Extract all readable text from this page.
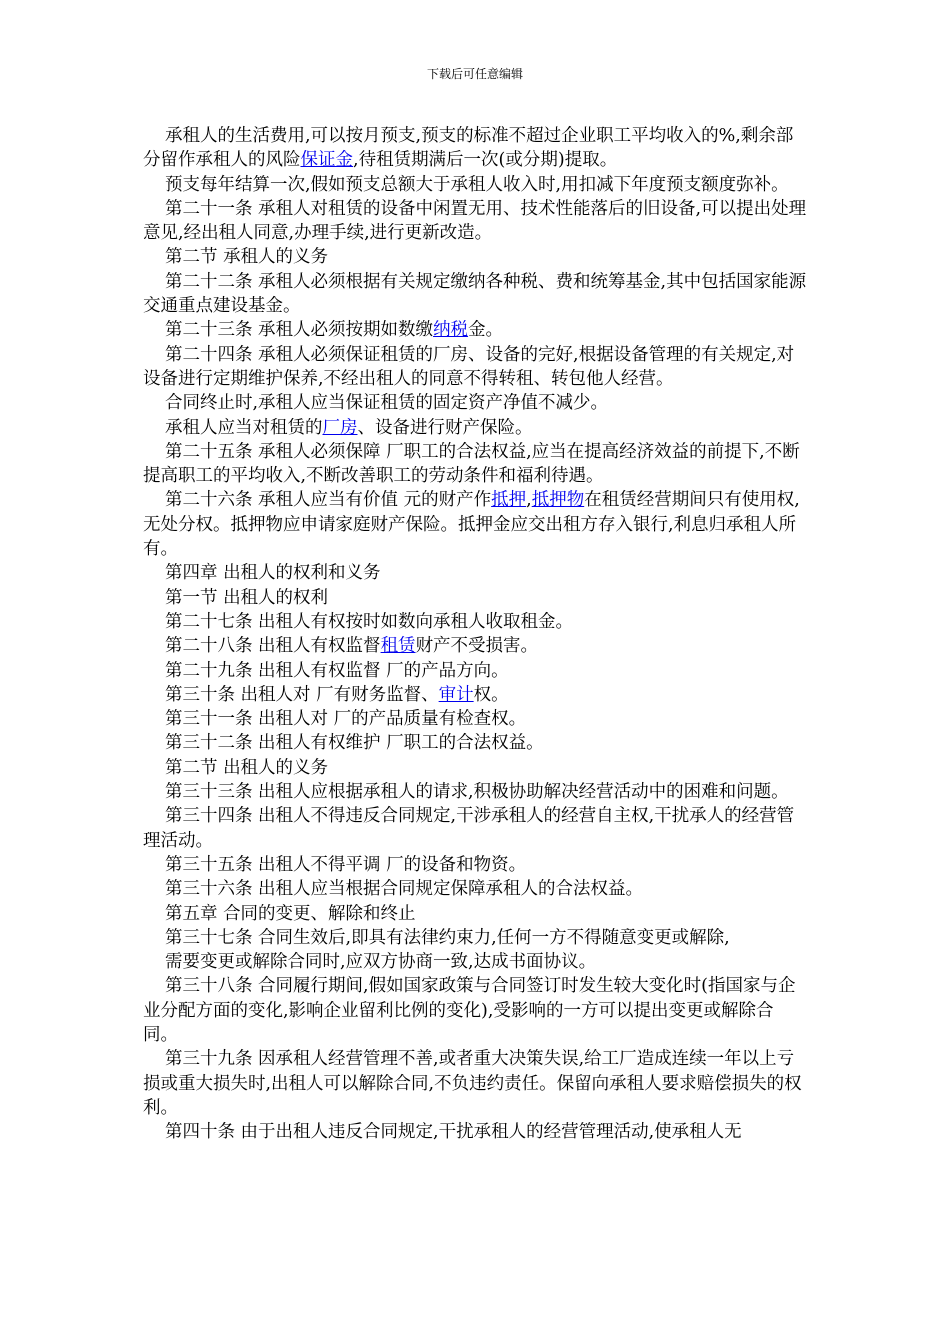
下载后可任意编辑

承租人的生活费用,可以按月预支,预支的标准不超过企业职工平均收入的%,剩余部分留作承租人的风险保证金,待租赁期满后一次(或分期)提取。

预支每年结算一次,假如预支总额大于承租人收入时,用扣减下年度预支额度弥补。

第二十一条 承租人对租赁的设备中闲置无用、技术性能落后的旧设备,可以提出处理意见,经出租人同意,办理手续,进行更新改造。

第二节 承租人的义务

第二十二条 承租人必须根据有关规定缴纳各种税、费和统筹基金,其中包括国家能源交通重点建设基金。

第二十三条 承租人必须按期如数缴纳税金。

第二十四条 承租人必须保证租赁的厂房、设备的完好,根据设备管理的有关规定,对设备进行定期维护保养,不经出租人的同意不得转租、转包他人经营。

合同终止时,承租人应当保证租赁的固定资产净值不减少。

承租人应当对租赁的厂房、设备进行财产保险。

第二十五条 承租人必须保障 厂职工的合法权益,应当在提高经济效益的前提下,不断提高职工的平均收入,不断改善职工的劳动条件和福利待遇。

第二十六条 承租人应当有价值 元的财产作抵押,抵押物在租赁经营期间只有使用权,无处分权。抵押物应申请家庭财产保险。抵押金应交出租方存入银行,利息归承租人所有。

第四章 出租人的权利和义务

第一节 出租人的权利

第二十七条 出租人有权按时如数向承租人收取租金。

第二十八条 出租人有权监督租赁财产不受损害。

第二十九条 出租人有权监督 厂的产品方向。

第三十条 出租人对 厂有财务监督、审计权。

第三十一条 出租人对 厂的产品质量有检查权。

第三十二条 出租人有权维护 厂职工的合法权益。

第二节 出租人的义务

第三十三条 出租人应根据承租人的请求,积极协助解决经营活动中的困难和问题。

第三十四条 出租人不得违反合同规定,干涉承租人的经营自主权,干扰承人的经营管理活动。

第三十五条 出租人不得平调 厂的设备和物资。

第三十六条 出租人应当根据合同规定保障承租人的合法权益。

第五章 合同的变更、解除和终止

第三十七条 合同生效后,即具有法律约束力,任何一方不得随意变更或解除,

需要变更或解除合同时,应双方协商一致,达成书面协议。

第三十八条 合同履行期间,假如国家政策与合同签订时发生较大变化时(指国家与企业分配方面的变化,影响企业留利比例的变化),受影响的一方可以提出变更或解除合同。

第三十九条 因承租人经营管理不善,或者重大决策失误,给工厂造成连续一年以上亏损或重大损失时,出租人可以解除合同,不负违约责任。保留向承租人要求赔偿损失的权利。

第四十条 由于出租人违反合同规定,干扰承租人的经营管理活动,使承租人无
